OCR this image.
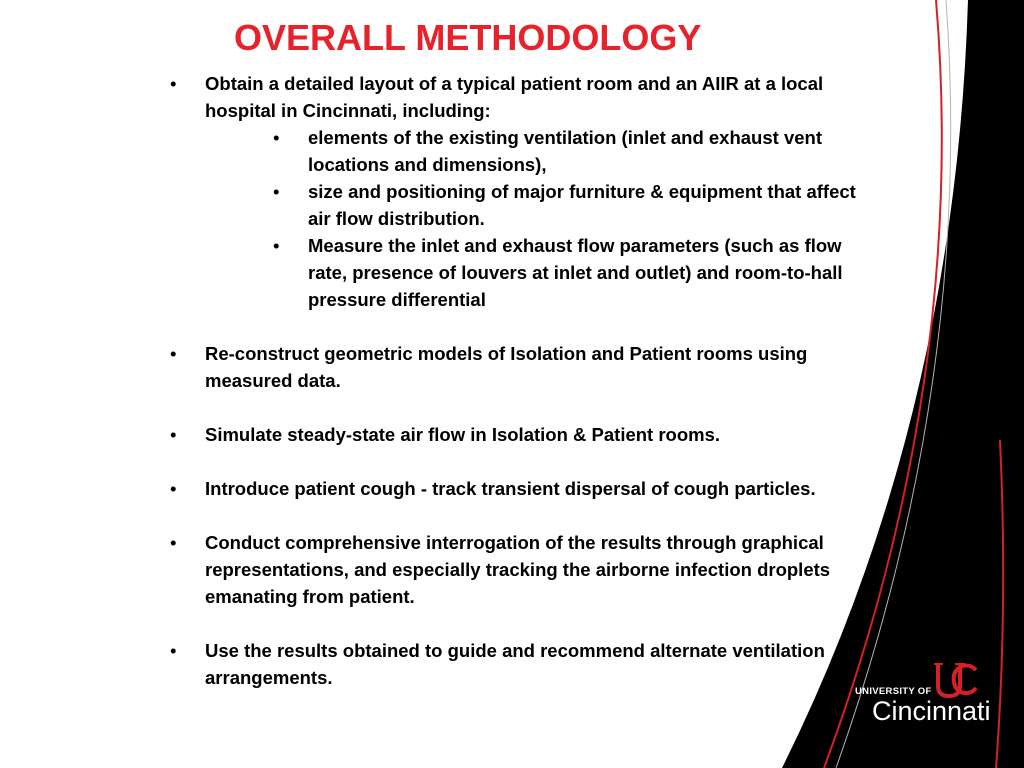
OVERALL METHODOLOGY

• Obtain a detailed layout of a typical patient room and an AIIR at a local hospital in Cincinnati, including:

• elements of the existing ventilation (inlet and exhaust vent locations and dimensions),

• size and positioning of major furniture & equipment that affect air flow distribution.

• Measure the inlet and exhaust flow parameters (such as flow rate, presence of louvers at inlet and outlet) and room-to-hall pressure differential

• Re-construct geometric models of Isolation and Patient rooms using measured data.

• Simulate steady-state air flow in Isolation & Patient rooms.

• Introduce patient cough - track transient dispersal of cough particles.

• Conduct comprehensive interrogation of the results through graphical representations, and especially tracking the airborne infection droplets emanating from patient.

• Use the results obtained to guide and recommend alternate ventilation arrangements.

UNIVERSITY OF
Cincinnati
